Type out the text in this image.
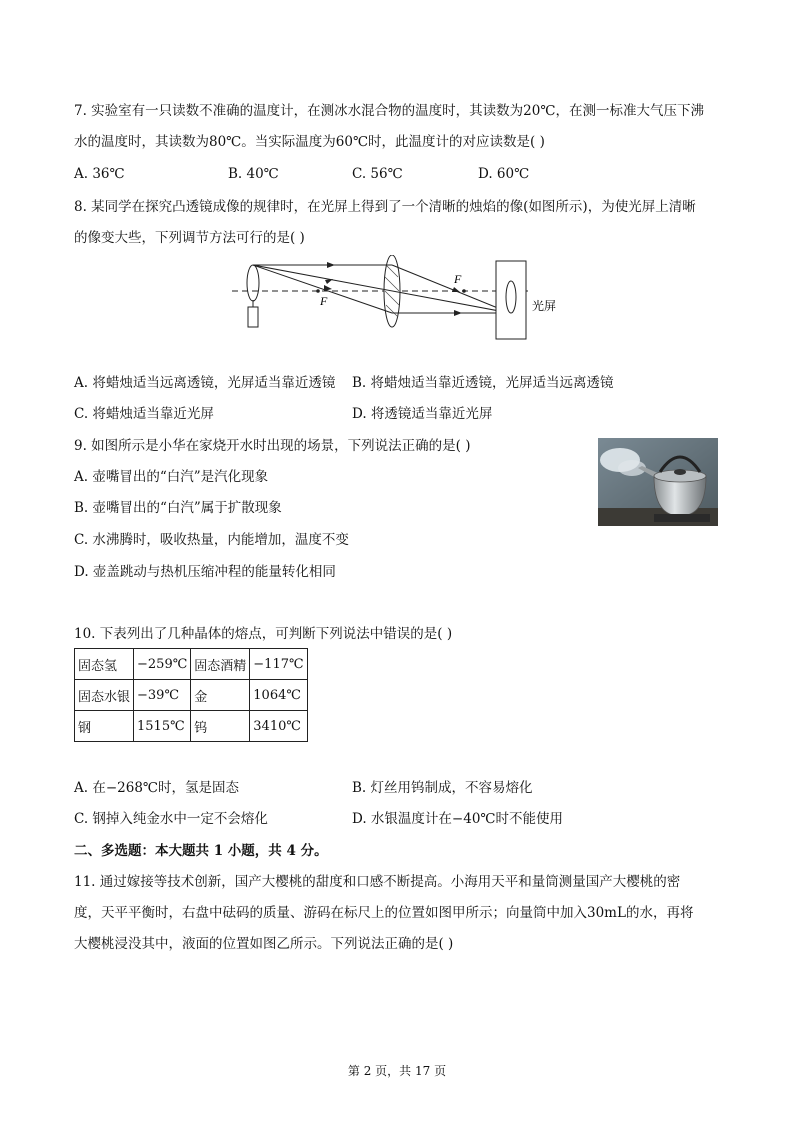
7. 实验室有一只读数不准确的温度计，在测冰水混合物的温度时，其读数为20℃，在测一标准大气压下沸
水的温度时，其读数为80℃。当实际温度为60℃时，此温度计的对应读数是( )
A. 36℃	B. 40℃	C. 56℃	D. 60℃
8. 某同学在探究凸透镜成像的规律时，在光屏上得到了一个清晰的烛焰的像(如图所示)，为使光屏上清晰
的像变大些，下列调节方法可行的是( )
F
F
光屏
A. 将蜡烛适当远离透镜，光屏适当靠近透镜 B. 将蜡烛适当靠近透镜，光屏适当远离透镜
C. 将蜡烛适当靠近光屏	D. 将透镜适当靠近光屏
9. 如图所示是小华在家烧开水时出现的场景，下列说法正确的是( )
A. 壶嘴冒出的“白汽”是汽化现象
B. 壶嘴冒出的“白汽”属于扩散现象
C. 水沸腾时，吸收热量，内能增加，温度不变
D. 壶盖跳动与热机压缩冲程的能量转化相同
10. 下表列出了几种晶体的熔点，可判断下列说法中错误的是( )
固态氢	−259℃	固态酒精	−117℃
固态水银	−39℃	金	1064℃
钢	1515℃	钨	3410℃
A. 在−268℃时，氢是固态	B. 灯丝用钨制成，不容易熔化
C. 钢掉入纯金水中一定不会熔化	D. 水银温度计在−40℃时不能使用
二、多选题：本大题共 1 小题，共 4 分。
11. 通过嫁接等技术创新，国产大樱桃的甜度和口感不断提高。小海用天平和量筒测量国产大樱桃的密
度，天平平衡时，右盘中砝码的质量、游码在标尺上的位置如图甲所示；向量筒中加入30mL的水，再将
大樱桃浸没其中，液面的位置如图乙所示。下列说法正确的是( )
第 2 页，共 17 页
